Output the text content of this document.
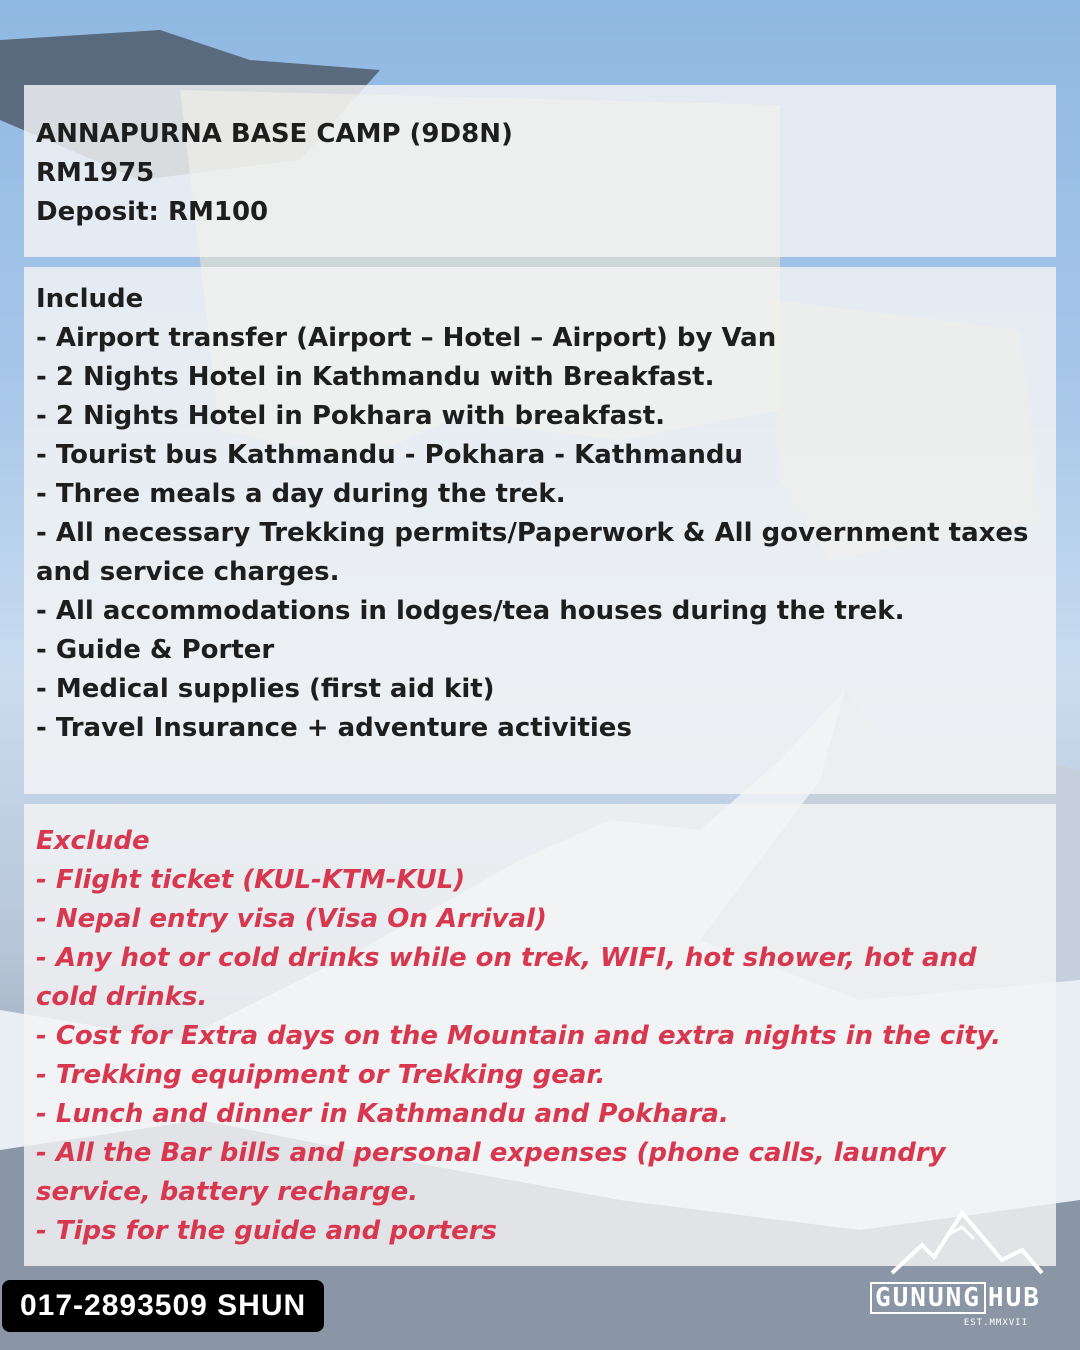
ANNAPURNA BASE CAMP (9D8N)
RM1975
Deposit: RM100
Include
- Airport transfer (Airport – Hotel – Airport) by Van
- 2 Nights Hotel in Kathmandu with Breakfast.
- 2 Nights Hotel in Pokhara with breakfast.
- Tourist bus Kathmandu - Pokhara - Kathmandu
- Three meals a day during the trek.
- All necessary Trekking permits/Paperwork & All government taxes and service charges.
- All accommodations in lodges/tea houses during the trek.
- Guide & Porter
- Medical supplies (first aid kit)
- Travel Insurance + adventure activities
Exclude
- Flight ticket (KUL-KTM-KUL)
- Nepal entry visa (Visa On Arrival)
- Any hot or cold drinks while on trek, WIFI, hot shower, hot and cold drinks.
- Cost for Extra days on the Mountain and extra nights in the city.
- Trekking equipment or Trekking gear.
- Lunch and dinner in Kathmandu and Pokhara.
- All the Bar bills and personal expenses (phone calls, laundry service, battery recharge.
- Tips for the guide and porters
017-2893509 SHUN	GUNUNG HUB
EST.MMXVII
